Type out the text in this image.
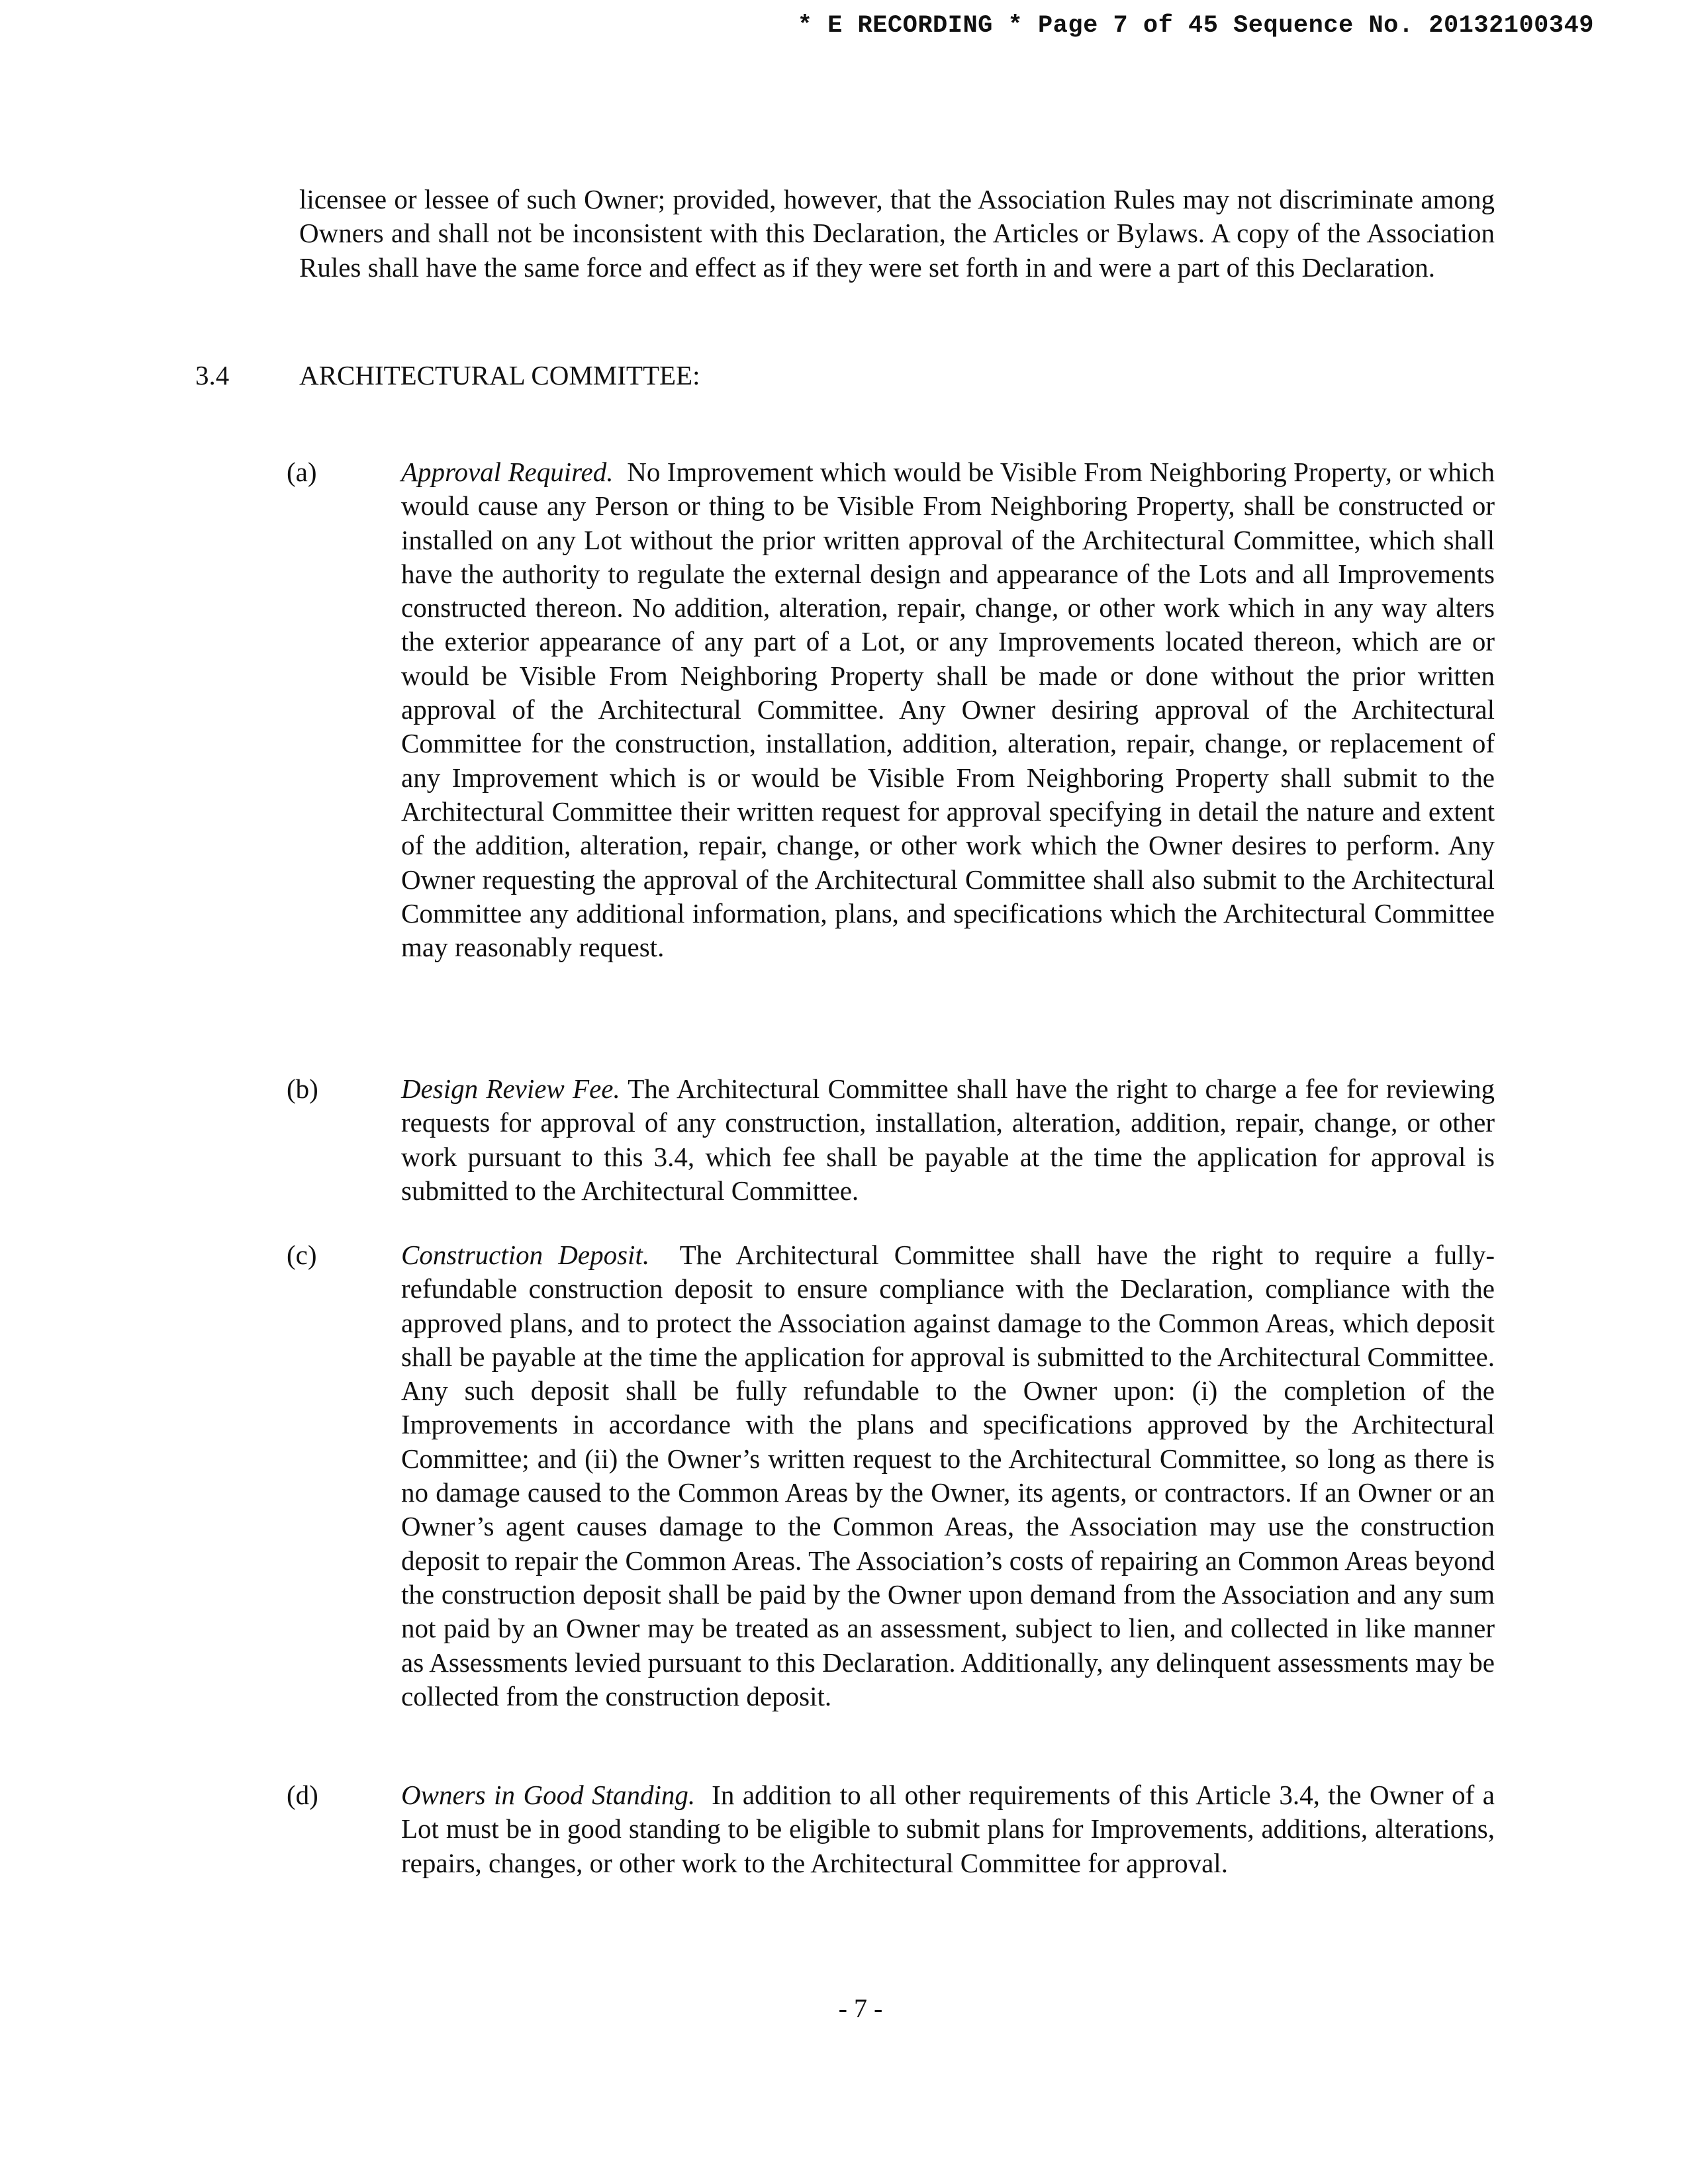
* E RECORDING * Page 7 of 45 Sequence No. 20132100349
licensee or lessee of such Owner; provided, however, that the Association Rules may not discriminate among Owners and shall not be inconsistent with this Declaration, the Articles or Bylaws. A copy of the Association Rules shall have the same force and effect as if they were set forth in and were a part of this Declaration.
3.4	ARCHITECTURAL COMMITTEE:
(a)	Approval Required. No Improvement which would be Visible From Neighboring Property, or which would cause any Person or thing to be Visible From Neighboring Property, shall be constructed or installed on any Lot without the prior written approval of the Architectural Committee, which shall have the authority to regulate the external design and appearance of the Lots and all Improvements constructed thereon. No addition, alteration, repair, change, or other work which in any way alters the exterior appearance of any part of a Lot, or any Improvements located thereon, which are or would be Visible From Neighboring Property shall be made or done without the prior written approval of the Architectural Committee. Any Owner desiring approval of the Architectural Committee for the construction, installation, addition, alteration, repair, change, or replacement of any Improvement which is or would be Visible From Neighboring Property shall submit to the Architectural Committee their written request for approval specifying in detail the nature and extent of the addition, alteration, repair, change, or other work which the Owner desires to perform. Any Owner requesting the approval of the Architectural Committee shall also submit to the Architectural Committee any additional information, plans, and specifications which the Architectural Committee may reasonably request.
(b)	Design Review Fee. The Architectural Committee shall have the right to charge a fee for reviewing requests for approval of any construction, installation, alteration, addition, repair, change, or other work pursuant to this 3.4, which fee shall be payable at the time the application for approval is submitted to the Architectural Committee.
(c)	Construction Deposit. The Architectural Committee shall have the right to require a fully-refundable construction deposit to ensure compliance with the Declaration, compliance with the approved plans, and to protect the Association against damage to the Common Areas, which deposit shall be payable at the time the application for approval is submitted to the Architectural Committee. Any such deposit shall be fully refundable to the Owner upon: (i) the completion of the Improvements in accordance with the plans and specifications approved by the Architectural Committee; and (ii) the Owner’s written request to the Architectural Committee, so long as there is no damage caused to the Common Areas by the Owner, its agents, or contractors. If an Owner or an Owner’s agent causes damage to the Common Areas, the Association may use the construction deposit to repair the Common Areas. The Association’s costs of repairing an Common Areas beyond the construction deposit shall be paid by the Owner upon demand from the Association and any sum not paid by an Owner may be treated as an assessment, subject to lien, and collected in like manner as Assessments levied pursuant to this Declaration. Additionally, any delinquent assessments may be collected from the construction deposit.
(d)	Owners in Good Standing. In addition to all other requirements of this Article 3.4, the Owner of a Lot must be in good standing to be eligible to submit plans for Improvements, additions, alterations, repairs, changes, or other work to the Architectural Committee for approval.
- 7 -
